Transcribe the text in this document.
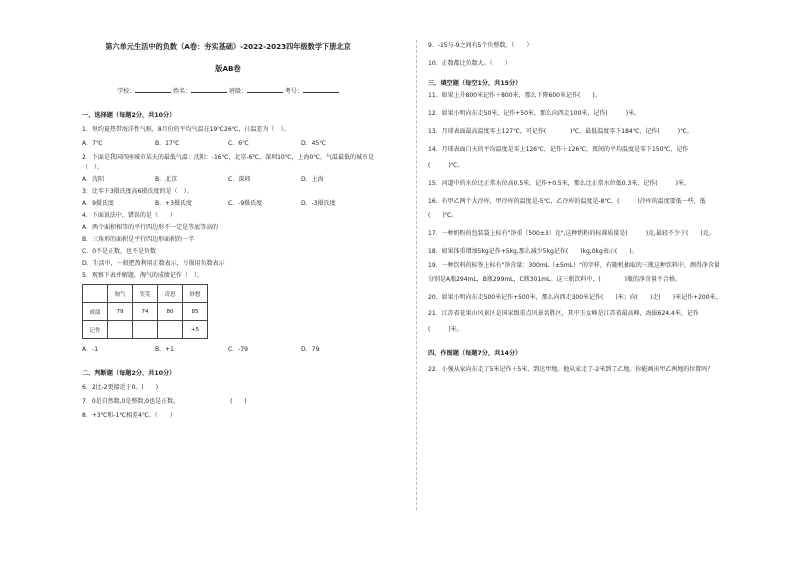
第六单元生活中的负数（A卷：夯实基础）-2022-2023四年级数学下册北京
版AB卷
学校：	姓名：	班级：	考号：
一、选择题（每题2分，共10分）
1．里约夏热带海洋性气候，8月份的平均气温在19℃26℃，日温差为（　）。
A．7℃	B．17℃	C．6℃	D．45℃
2．下面是我国四座城市某天的最低气温：沈阳：-16℃，北京-6℃，深圳10℃，上海0℃。气温最低的城市是
（　）。
A．沈阳	B．北京	C．深圳	D．上海
3．比零下3摄氏度高6摄氏度的是（　）。
A．9摄氏度	B．+3摄氏度	C．-9摄氏度	D．-3摄氏度
4．下面说法中，错误的是（　　）
A．两个面积相等的平行四边形不一定是等底等高的
B．三角形的面积是平行四边形面积的一半
C．0不是正数，也不是负数
D．生活中，一般把盈利用正数表示，亏损用负数表示
5．观察下表并解题，淘气的成绩记作（　）。
	淘气	笑笑	奇思	妙想
成绩	79	74	80	85
记作				+5
A．-1	B．+1	C．-79	D．79
二、判断题（每题2分，共10分）
6．2比-2更接近于0。(　　)
7．0是自然数,0是整数,0也是正数。　　　　　　　　　(　　)
8．+3℃和-1℃相差4℃。（　　）
9．-15与-9之间有5个负整数。（　　）
10．正数都比负数大。（　　）
三、填空题（每空1分，共15分）
11．如果上升800米记作＋800米，那么下降600米记作(　　)。
12．如果小明向东走50米，记作+50米，那么向西走100米，记作(　　　)米。
13．月球表面最高温度零上127℃，可记作(　　　　)℃，最低温度零下184℃，记作(　　　)℃。
14．月球表面白天的平均温度是零上126℃，记作＋126℃，夜间的平均温度是零下150℃，记作
(　　　)℃。
15．河道中的水位比正常水位高0.5米，记作+0.5米，那么比正常水位低0.3米，记作(　　　)米。
16．有甲乙两个大冷库，甲冷库的温度是-5℃，乙冷库的温度是-8℃，(　　　)冷库的温度要低一些，低
(　　)℃。
17．一种奶粉的包装袋上标有"净重（500±3）克",这种奶粉的标准质量是(　　　)克,最轻不少于(　　)克。
18．如果体重增加5kg记作+5kg,那么减少5kg记作(　　)kg,0kg表示(　　)。
19．一种饮料的标签上标有"净含量：300mL（±5mL）"的字样，有随机抽取的三瓶这种饮料中，测得净含量
分别是A瓶294mL，B瓶299mL，C瓶301mL。这三瓶饮料中，(　　　　)瓶的净含量不合格。
20．如果小明向东走500米记作+500米，那么向西走300米记作(　　)米；向(　　)走(　　)米记作+200米。
21．江苏省花果山风景区是国家级重点风景名胜区，其中玉女峰是江苏省最高峰，海拔624.4米，记作
(　　　)米。
四、作图题（每题7分，共14分）
22．小强从家向东走了5米记作＋5米，到达甲地。他从家走了-2米到了乙地。你能画出甲乙两地的位置吗？
